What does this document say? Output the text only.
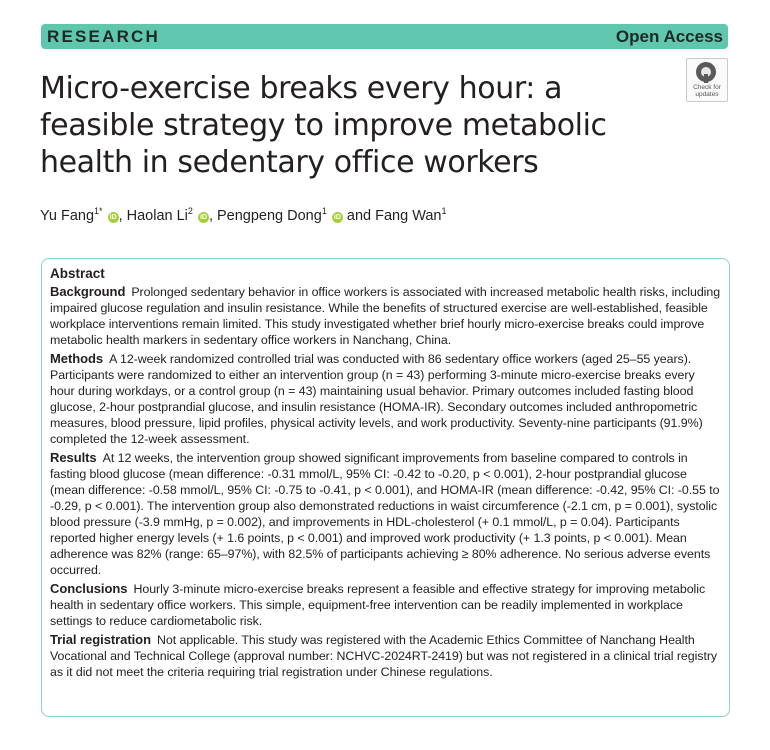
RESEARCH	Open Access
Micro-exercise breaks every hour: a feasible strategy to improve metabolic health in sedentary office workers
Check for updates
Yu Fang$^{1*}$ iD , Haolan Li$^2$ iD , Pengpeng Dong$^1$ iD and Fang Wan$^1$
Abstract

Background Prolonged sedentary behavior in office workers is associated with increased metabolic health risks, including impaired glucose regulation and insulin resistance. While the benefits of structured exercise are well-established, feasible workplace interventions remain limited. This study investigated whether brief hourly micro-exercise breaks could improve metabolic health markers in sedentary office workers in Nanchang, China.

Methods A 12-week randomized controlled trial was conducted with 86 sedentary office workers (aged 25–55 years). Participants were randomized to either an intervention group (n = 43) performing 3-minute micro-exercise breaks every hour during workdays, or a control group (n = 43) maintaining usual behavior. Primary outcomes included fasting blood glucose, 2-hour postprandial glucose, and insulin resistance (HOMA-IR). Secondary outcomes included anthropometric measures, blood pressure, lipid profiles, physical activity levels, and work productivity. Seventy-nine participants (91.9%) completed the 12-week assessment.

Results At 12 weeks, the intervention group showed significant improvements from baseline compared to controls in fasting blood glucose (mean difference: -0.31 mmol/L, 95% CI: -0.42 to -0.20, p < 0.001), 2-hour postprandial glucose (mean difference: -0.58 mmol/L, 95% CI: -0.75 to -0.41, p < 0.001), and HOMA-IR (mean difference: -0.42, 95% CI: -0.55 to -0.29, p < 0.001). The intervention group also demonstrated reductions in waist circumference (-2.1 cm, p = 0.001), systolic blood pressure (-3.9 mmHg, p = 0.002), and improvements in HDL-cholesterol (+ 0.1 mmol/L, p = 0.04). Participants reported higher energy levels (+ 1.6 points, p < 0.001) and improved work productivity (+ 1.3 points, p < 0.001). Mean adherence was 82% (range: 65–97%), with 82.5% of participants achieving ≥ 80% adherence. No serious adverse events occurred.

Conclusions Hourly 3-minute micro-exercise breaks represent a feasible and effective strategy for improving metabolic health in sedentary office workers. This simple, equipment-free intervention can be readily implemented in workplace settings to reduce cardiometabolic risk.

Trial registration Not applicable. This study was registered with the Academic Ethics Committee of Nanchang Health Vocational and Technical College (approval number: NCHVC-2024RT-2419) but was not registered in a clinical trial registry as it did not meet the criteria requiring trial registration under Chinese regulations.
